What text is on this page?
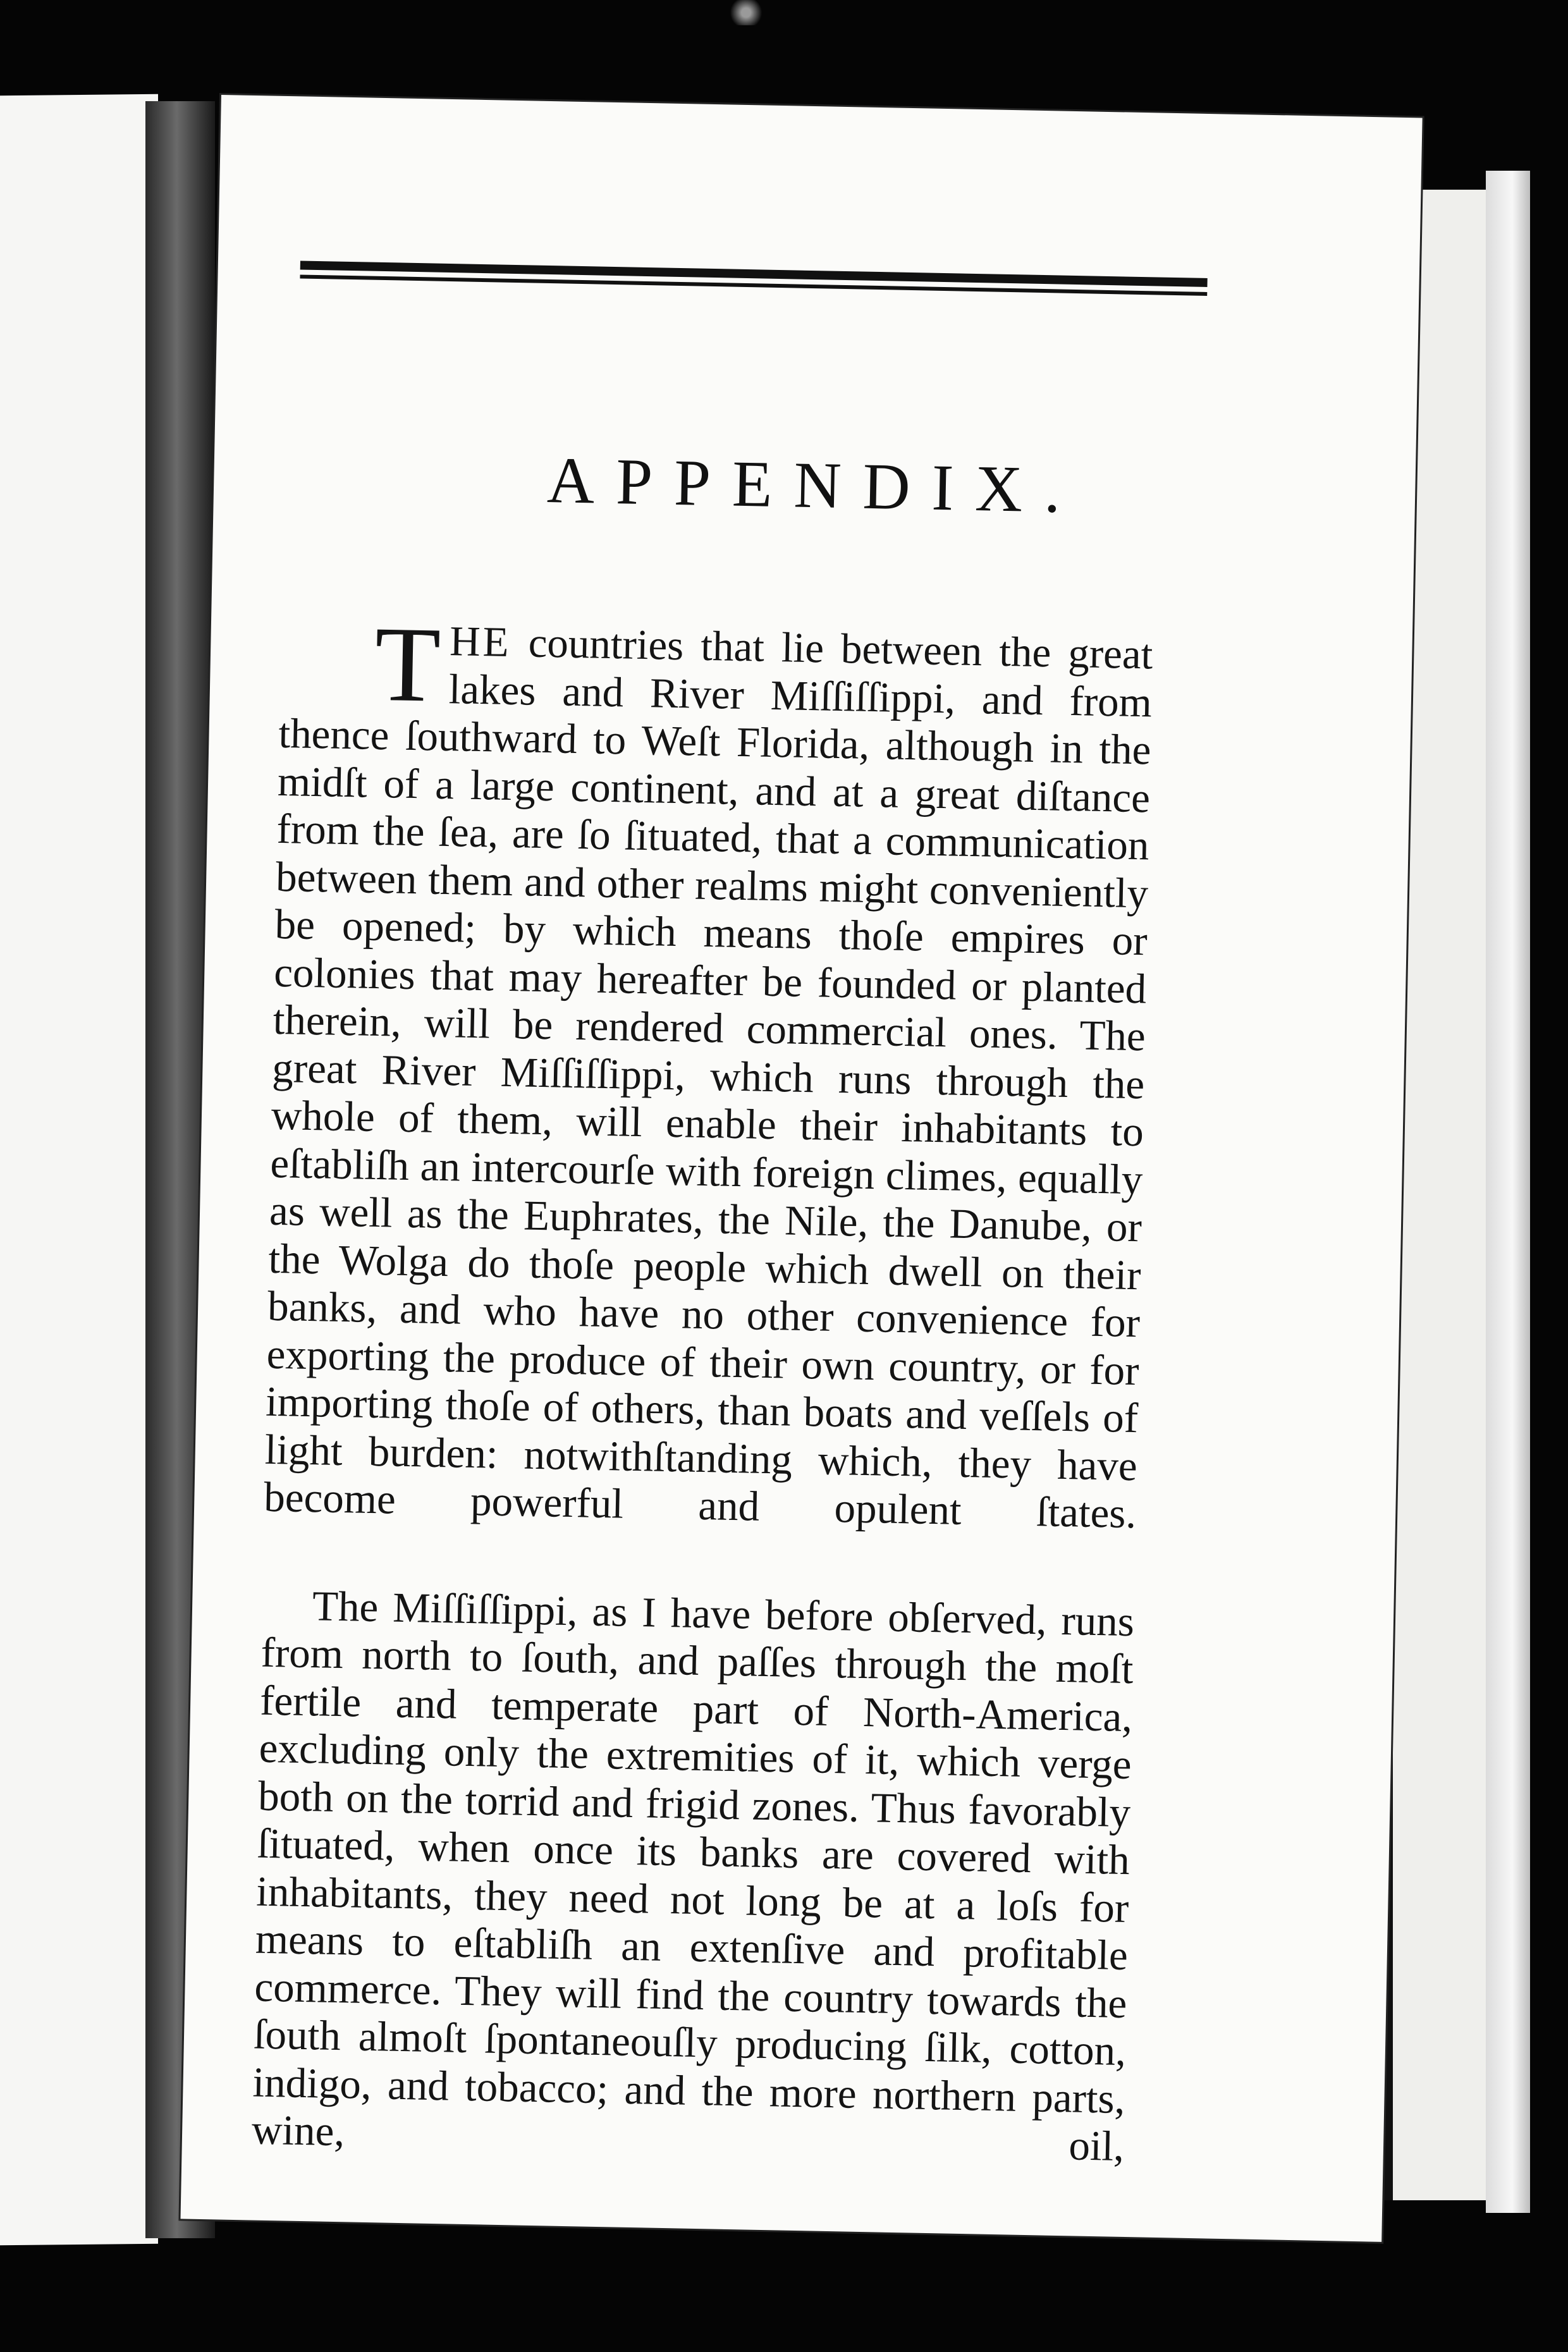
APPENDIX.

THE countries that lie between the great lakes and River Miſſiſſippi, and from thence ſouthward to Weſt Florida, although in the midſt of a large continent, and at a great diſtance from the ſea, are ſo ſituated, that a communication between them and other realms might conveniently be opened; by which means thoſe empires or colonies that may hereafter be founded or planted therein, will be rendered commercial ones. The great River Miſſiſſippi, which runs through the whole of them, will enable their inhabitants to eſtabliſh an intercourſe with foreign climes, equally as well as the Euphrates, the Nile, the Danube, or the Wolga do thoſe people which dwell on their banks, and who have no other convenience for exporting the produce of their own country, or for importing thoſe of others, than boats and veſſels of light burden: notwithſtanding which, they have become powerful and opulent ſtates.

The Miſſiſſippi, as I have before obſerved, runs from north to ſouth, and paſſes through the moſt fertile and temperate part of North-America, excluding only the extremities of it, which verge both on the torrid and frigid zones. Thus favorably ſituated, when once its banks are covered with inhabitants, they need not long be at a loſs for means to eſtabliſh an extenſive and profitable commerce. They will find the country towards the ſouth almoſt ſpontaneouſly producing ſilk, cotton, indigo, and tobacco; and the more northern parts, wine, oil,
